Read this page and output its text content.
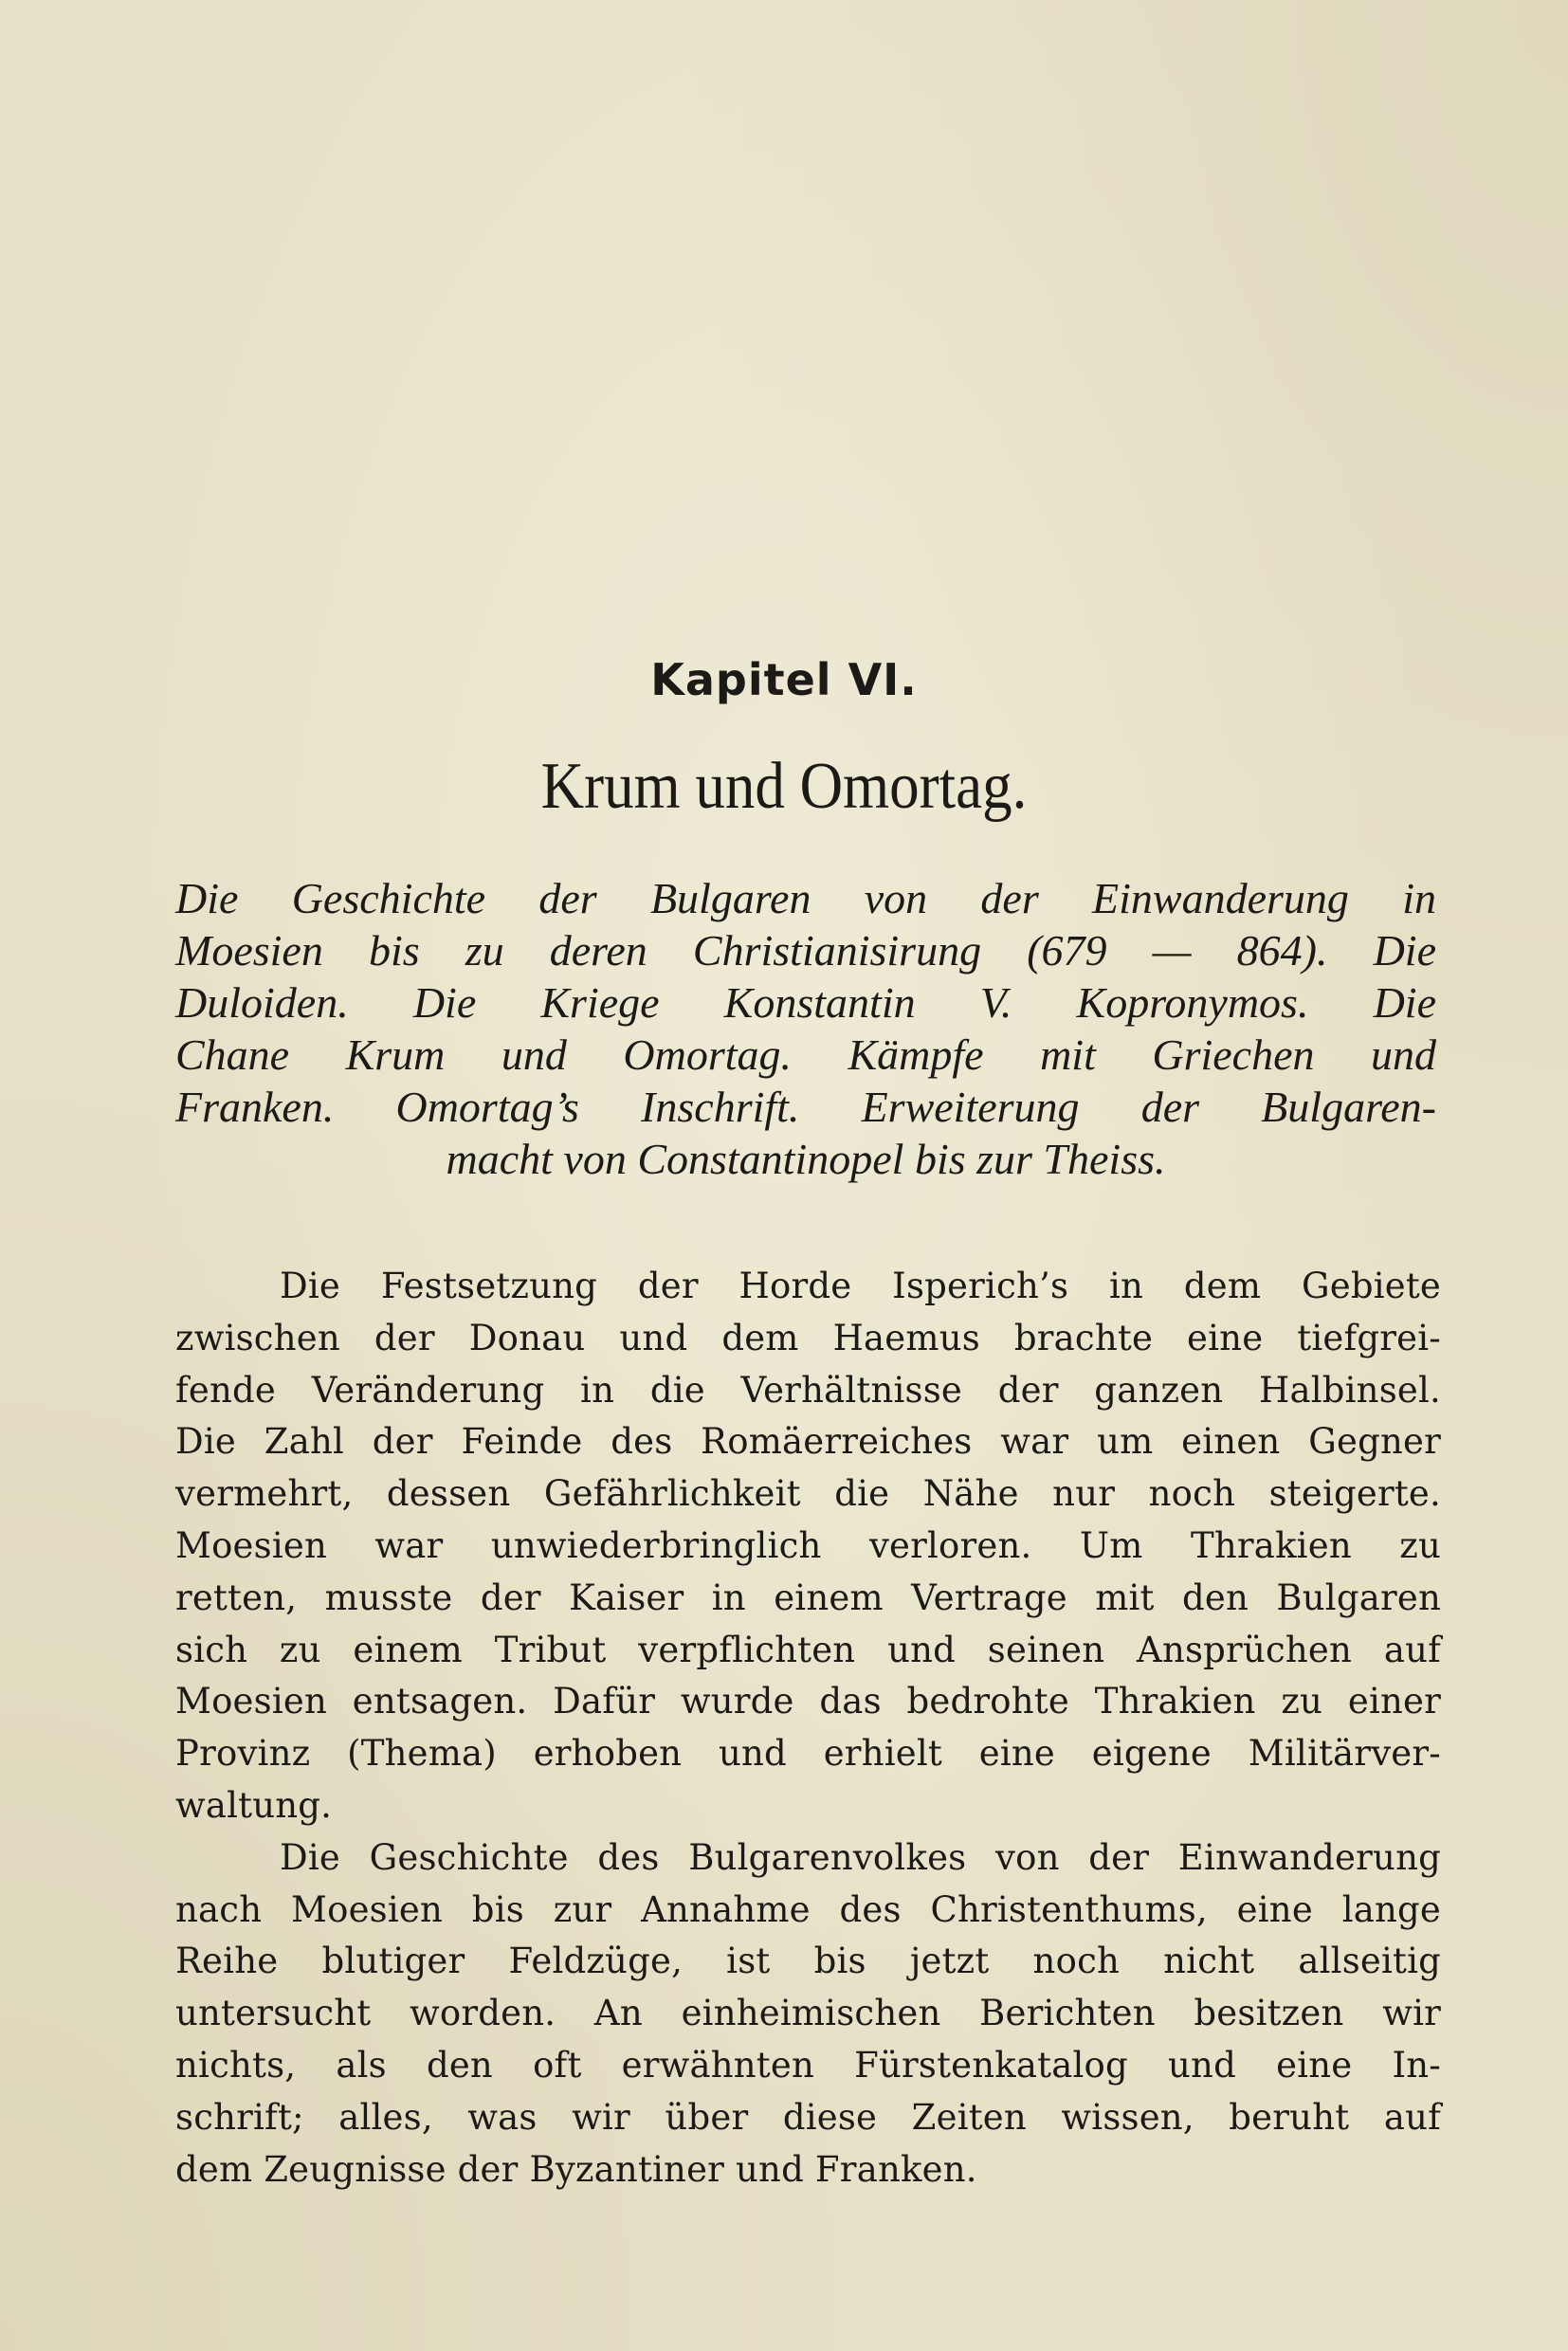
Kapitel VI.
Krum und Omortag.
Die Geschichte der Bulgaren von der Einwanderung in
Moesien bis zu deren Christianisirung (679 — 864). Die
Duloiden. Die Kriege Konstantin V. Kopronymos. Die
Chane Krum und Omortag. Kämpfe mit Griechen und
Franken. Omortag’s Inschrift. Erweiterung der Bulgaren-
macht von Constantinopel bis zur Theiss.
Die Festsetzung der Horde Isperich’s in dem Gebiete
zwischen der Donau und dem Haemus brachte eine tiefgrei-
fende Veränderung in die Verhältnisse der ganzen Halbinsel.
Die Zahl der Feinde des Romäerreiches war um einen Gegner
vermehrt, dessen Gefährlichkeit die Nähe nur noch steigerte.
Moesien war unwiederbringlich verloren. Um Thrakien zu
retten, musste der Kaiser in einem Vertrage mit den Bulgaren
sich zu einem Tribut verpflichten und seinen Ansprüchen auf
Moesien entsagen. Dafür wurde das bedrohte Thrakien zu einer
Provinz (Thema) erhoben und erhielt eine eigene Militärver-
waltung.
Die Geschichte des Bulgarenvolkes von der Einwanderung
nach Moesien bis zur Annahme des Christenthums, eine lange
Reihe blutiger Feldzüge, ist bis jetzt noch nicht allseitig
untersucht worden. An einheimischen Berichten besitzen wir
nichts, als den oft erwähnten Fürstenkatalog und eine In-
schrift; alles, was wir über diese Zeiten wissen, beruht auf
dem Zeugnisse der Byzantiner und Franken.
